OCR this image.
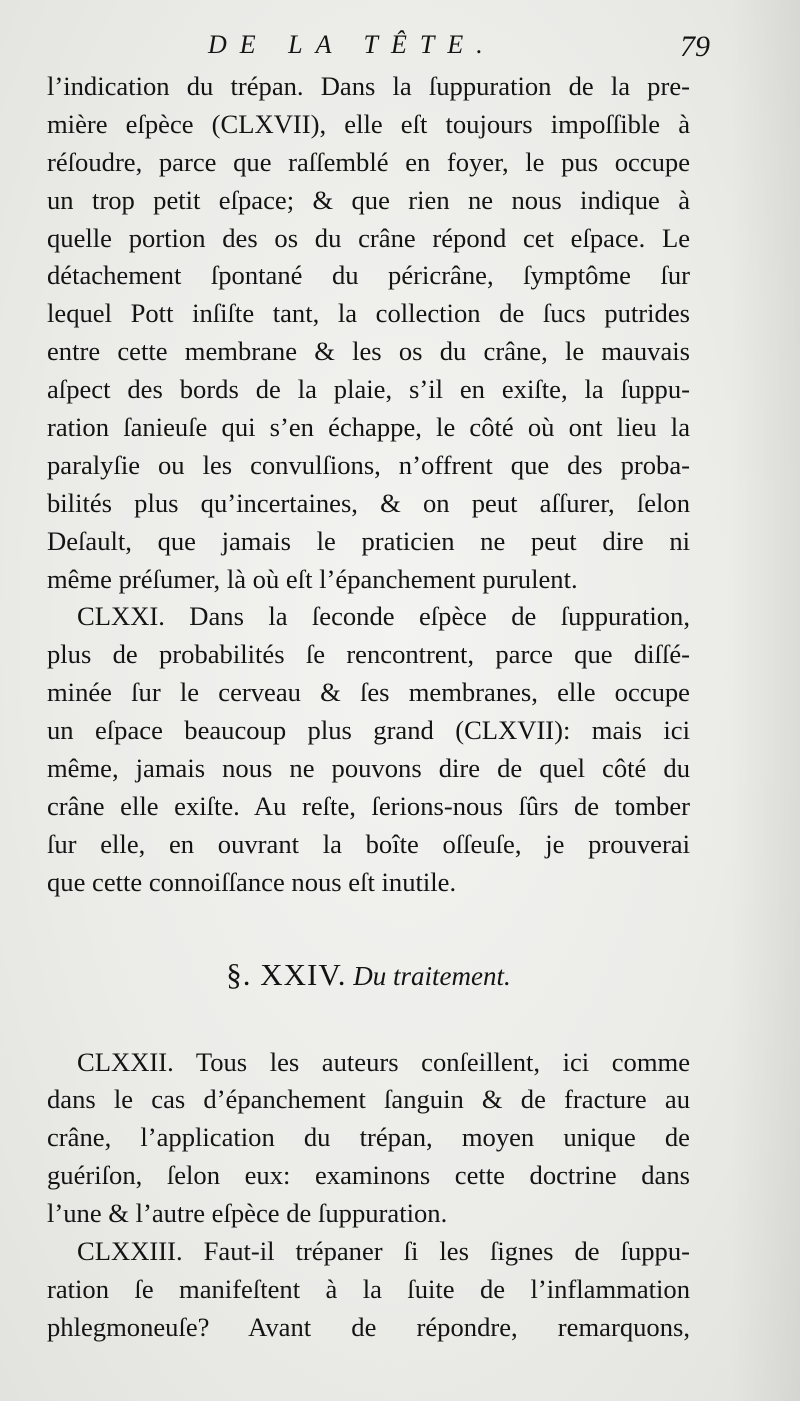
DE LA TÊTE.	79
l’indication du trépan. Dans la ſuppuration de la pre-
mière eſpèce (CLXVII), elle eſt toujours impoſſible à
réſoudre, parce que raſſemblé en foyer, le pus occupe
un trop petit eſpace; & que rien ne nous indique à
quelle portion des os du crâne répond cet eſpace. Le
détachement ſpontané du péricrâne, ſymptôme ſur
lequel Pott inſiſte tant, la collection de ſucs putrides
entre cette membrane & les os du crâne, le mauvais
aſpect des bords de la plaie, s’il en exiſte, la ſuppu-
ration ſanieuſe qui s’en échappe, le côté où ont lieu la
paralyſie ou les convulſions, n’offrent que des proba-
bilités plus qu’incertaines, & on peut aſſurer, ſelon
Deſault, que jamais le praticien ne peut dire ni
même préſumer, là où eſt l’épanchement purulent.
CLXXI. Dans la ſeconde eſpèce de ſuppuration,
plus de probabilités ſe rencontrent, parce que diſſé-
minée ſur le cerveau & ſes membranes, elle occupe
un eſpace beaucoup plus grand (CLXVII): mais ici
même, jamais nous ne pouvons dire de quel côté du
crâne elle exiſte. Au reſte, ſerions-nous ſûrs de tomber
ſur elle, en ouvrant la boîte oſſeuſe, je prouverai
que cette connoiſſance nous eſt inutile.
§. XXIV. Du traitement.
CLXXII. Tous les auteurs conſeillent, ici comme
dans le cas d’épanchement ſanguin & de fracture au
crâne, l’application du trépan, moyen unique de
guériſon, ſelon eux: examinons cette doctrine dans
l’une & l’autre eſpèce de ſuppuration.
CLXXIII. Faut-il trépaner ſi les ſignes de ſuppu-
ration ſe manifeſtent à la ſuite de l’inflammation
phlegmoneuſe? Avant de répondre, remarquons,
